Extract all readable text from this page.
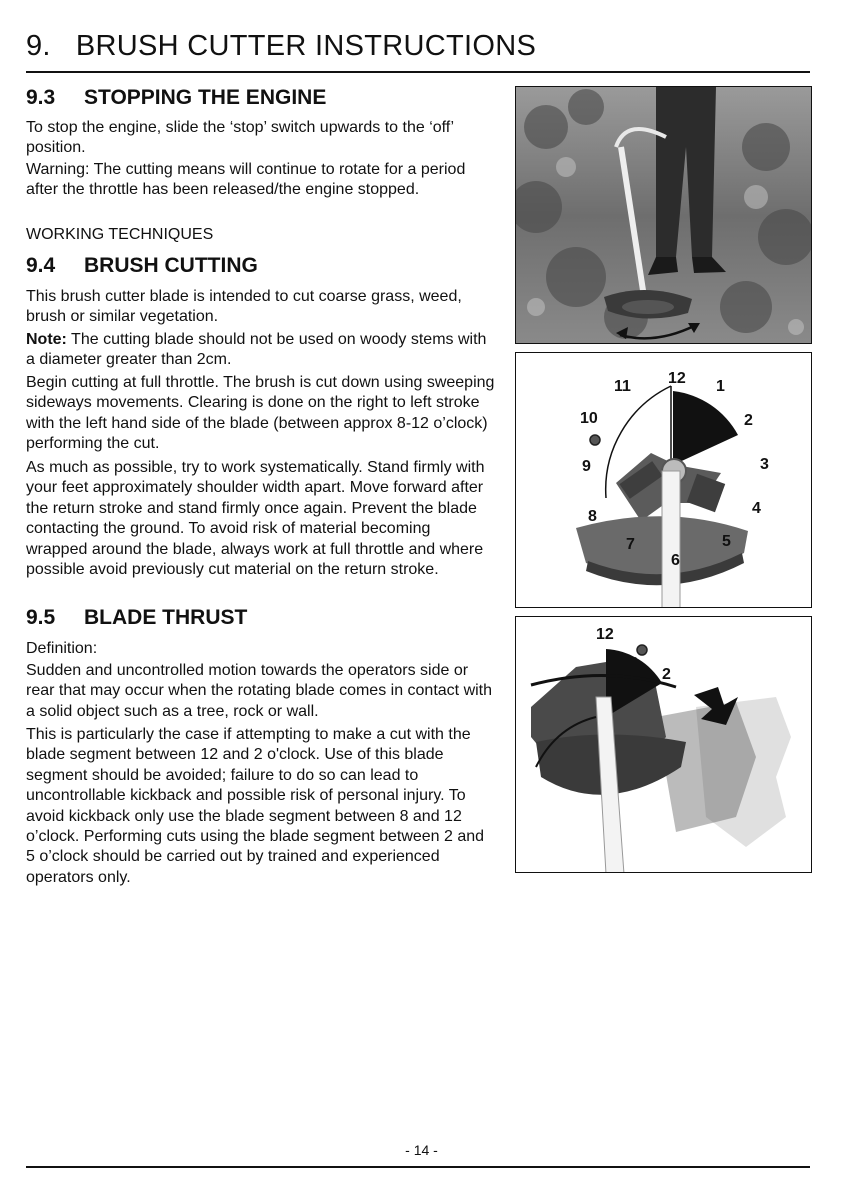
9.   BRUSH CUTTER INSTRUCTIONS
9.3 STOPPING THE ENGINE

To stop the engine, slide the ‘stop’ switch upwards to the ‘off’ position.

Warning: The cutting means will continue to rotate for a period after the throttle has been released/the engine stopped.

WORKING TECHNIQUES

9.4 BRUSH CUTTING

This brush cutter blade is intended to cut coarse grass, weed, brush or similar vegetation.

Note: The cutting blade should not be used on woody stems with a diameter greater than 2cm.

Begin cutting at full throttle. The brush is cut down using sweeping sideways movements. Clearing is done on the right to left stroke with the left hand side of the blade (between approx 8-12 o’clock) performing the cut.

As much as possible, try to work systematically. Stand firmly with your feet approximately shoulder width apart. Move forward after the return stroke and stand firmly once again. Prevent the blade contacting the ground. To avoid risk of material becoming wrapped around the blade, always work at full throttle and where possible avoid previously cut material on the return stroke.

9.5 BLADE THRUST

Definition:

Sudden and uncontrolled motion towards the operators side or rear that may occur when the rotating blade comes in contact with a solid object such as a tree, rock or wall.

This is particularly the case if attempting to make a cut with the blade segment between 12 and 2 o'clock. Use of this blade segment should be avoided; failure to do so can lead to uncontrollable kickback and possible risk of personal injury. To avoid kickback only use the blade segment between 8 and 12 o’clock. Performing cuts using the blade segment between 2 and 5 o’clock should be carried out by trained and experienced operators only.

12 1
2
3
4
5
6
7
8
9
10
11
12
2
- 14 -
